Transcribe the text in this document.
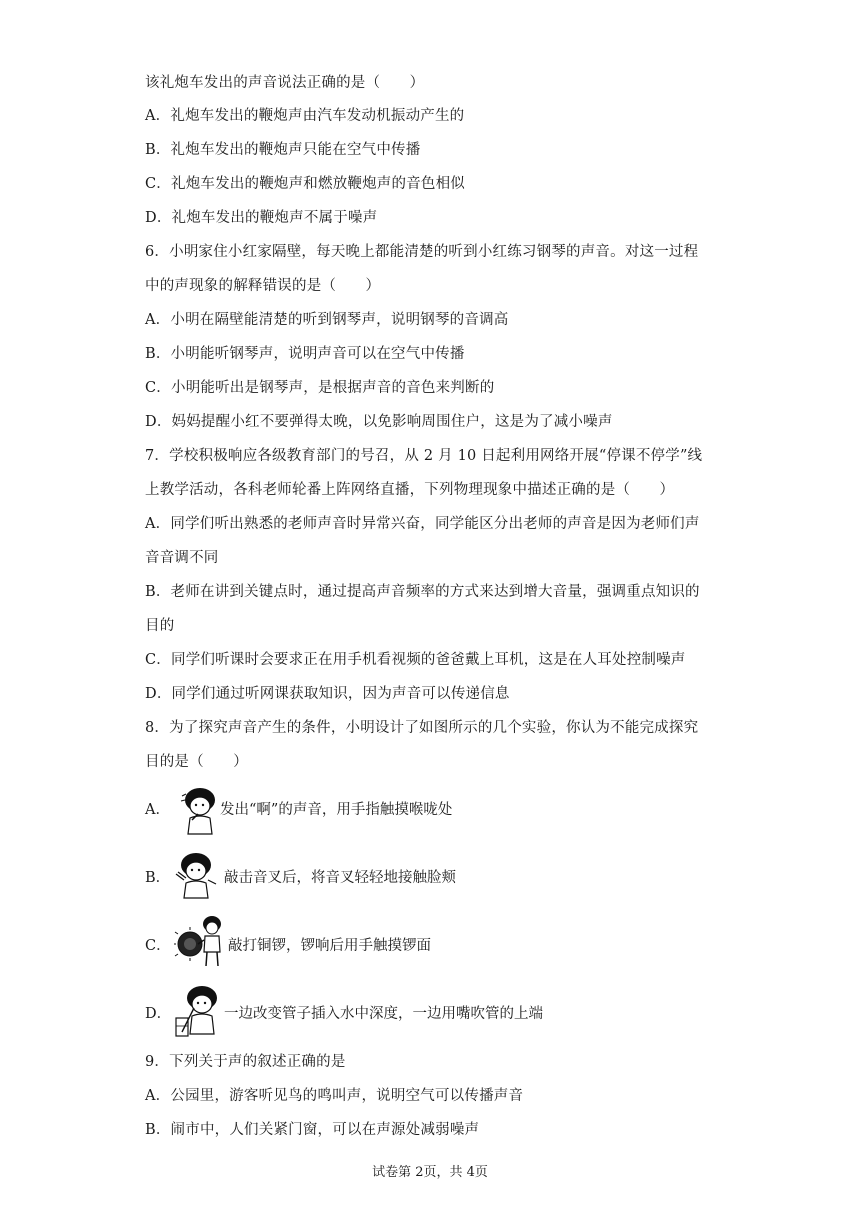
该礼炮车发出的声音说法正确的是（　　）
A．礼炮车发出的鞭炮声由汽车发动机振动产生的
B．礼炮车发出的鞭炮声只能在空气中传播
C．礼炮车发出的鞭炮声和燃放鞭炮声的音色相似
D．礼炮车发出的鞭炮声不属于噪声
6．小明家住小红家隔壁，每天晚上都能清楚的听到小红练习钢琴的声音。对这一过程
中的声现象的解释错误的是（　　）
A．小明在隔壁能清楚的听到钢琴声，说明钢琴的音调高
B．小明能听钢琴声，说明声音可以在空气中传播
C．小明能听出是钢琴声，是根据声音的音色来判断的
D．妈妈提醒小红不要弹得太晚，以免影响周围住户，这是为了减小噪声
7．学校积极响应各级教育部门的号召，从 2 月 10 日起利用网络开展“停课不停学”线
上教学活动，各科老师轮番上阵网络直播，下列物理现象中描述正确的是（　　）
A．同学们听出熟悉的老师声音时异常兴奋，同学能区分出老师的声音是因为老师们声
音音调不同
B．老师在讲到关键点时，通过提高声音频率的方式来达到增大音量，强调重点知识的
目的
C．同学们听课时会要求正在用手机看视频的爸爸戴上耳机，这是在人耳处控制噪声
D．同学们通过听网课获取知识，因为声音可以传递信息
8．为了探究声音产生的条件，小明设计了如图所示的几个实验，你认为不能完成探究
目的是（　　）
A．	发出“啊”的声音，用手指触摸喉咙处
B．	敲击音叉后，将音叉轻轻地接触脸颊
C．	敲打铜锣，锣响后用手触摸锣面
D．	一边改变管子插入水中深度，一边用嘴吹管的上端
9．下列关于声的叙述正确的是
A．公园里，游客听见鸟的鸣叫声，说明空气可以传播声音
B．闹市中，人们关紧门窗，可以在声源处减弱噪声
试卷第 2页，共 4页
